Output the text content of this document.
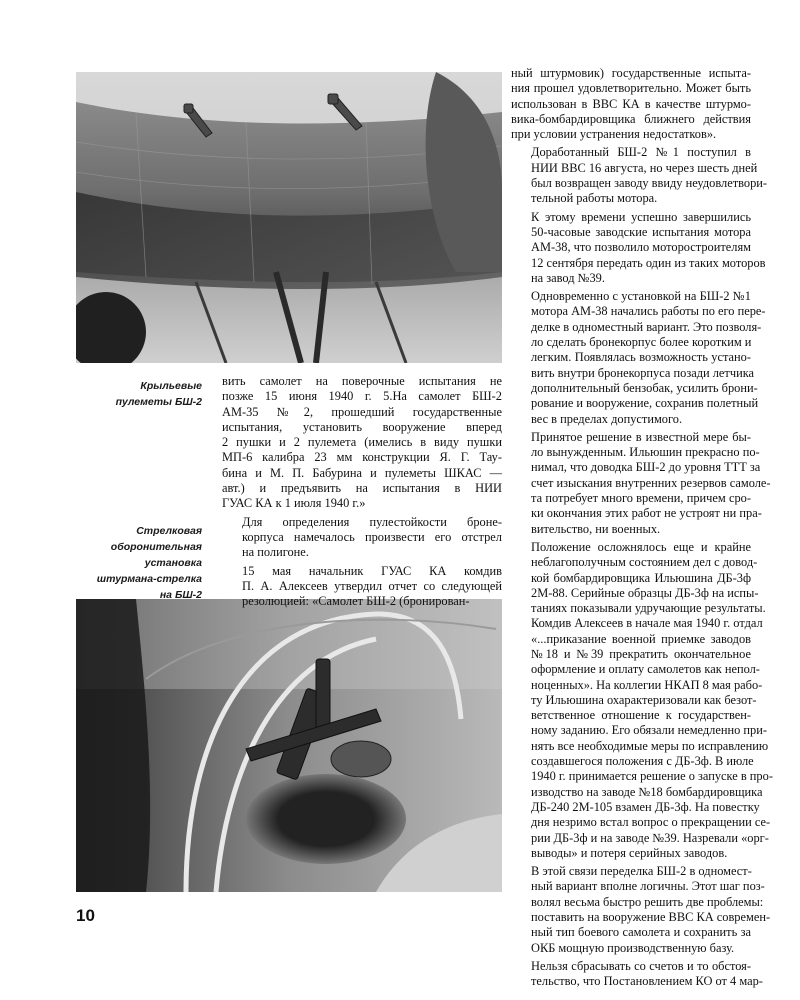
Крыльевые
пулеметы БШ-2
Стрелковая
оборонительная
установка
штурмана-стрелка
на БШ-2

вить самолет на поверочные испытания не
позже 15 июня 1940 г. 5.На самолет БШ-2
АМ-35 №2, прошедший государственные
испытания, установить вооружение вперед
2 пушки и 2 пулемета (имелись в виду пушки
МП-6 калибра 23 мм конструкции Я. Г. Тау-
бина и М. П. Бабурина и пулеметы ШКАС —
авт.) и предъявить на испытания в НИИ
ГУАС КА к 1 июля 1940 г.»

Для определения пулестойкости броне-
корпуса намечалось произвести его отстрел
на полигоне.

15 мая начальник ГУАС КА комдив
П. А. Алексеев утвердил отчет со следующей
резолюцией: «Самолет БШ-2 (бронирован-

ный штурмовик) государственные испыта-
ния прошел удовлетворительно. Может быть
использован в ВВС КА в качестве штурмо-
вика-бомбардировщика ближнего действия
при условии устранения недостатков».

Доработанный БШ-2 №1 поступил в
НИИ ВВС 16 августа, но через шесть дней
был возвращен заводу ввиду неудовлетвори-
тельной работы мотора.

К этому времени успешно завершились
50-часовые заводские испытания мотора
АМ-38, что позволило моторостроителям
12 сентября передать один из таких моторов
на завод №39.

Одновременно с установкой на БШ-2 №1
мотора АМ-38 начались работы по его пере-
делке в одноместный вариант. Это позволя-
ло сделать бронекорпус более коротким и
легким. Появлялась возможность устано-
вить внутри бронекорпуса позади летчика
дополнительный бензобак, усилить брони-
рование и вооружение, сохранив полетный
вес в пределах допустимого.

Принятое решение в известной мере бы-
ло вынужденным. Ильюшин прекрасно по-
нимал, что доводка БШ-2 до уровня ТТТ за
счет изыскания внутренних резервов самоле-
та потребует много времени, причем сро-
ки окончания этих работ не устроят ни пра-
вительство, ни военных.

Положение осложнялось еще и крайне
неблагополучным состоянием дел с довод-
кой бомбардировщика Ильюшина ДБ-3ф
2М-88. Серийные образцы ДБ-3ф на испы-
таниях показывали удручающие результаты.
Комдив Алексеев в начале мая 1940 г. отдал
«...приказание военной приемке заводов
№18 и №39 прекратить окончательное
оформление и оплату самолетов как непол-
ноценных». На коллегии НКАП 8 мая рабо-
ту Ильюшина охарактеризовали как безот-
ветственное отношение к государствен-
ному заданию. Его обязали немедленно при-
нять все необходимые меры по исправлению
создавшегося положения с ДБ-3ф. В июле
1940 г. принимается решение о запуске в про-
изводство на заводе №18 бомбардировщика
ДБ-240 2М-105 взамен ДБ-3ф. На повестку
дня незримо встал вопрос о прекращении се-
рии ДБ-3ф и на заводе №39. Назревали «орг-
выводы» и потеря серийных заводов.

В этой связи переделка БШ-2 в одномест-
ный вариант вполне логичны. Этот шаг поз-
волял весьма быстро решить две проблемы:
поставить на вооружение ВВС КА современ-
ный тип боевого самолета и сохранить за
ОКБ мощную производственную базу.

Нельзя сбрасывать со счетов и то обстоя-
тельство, что Постановлением КО от 4 мар-

10
